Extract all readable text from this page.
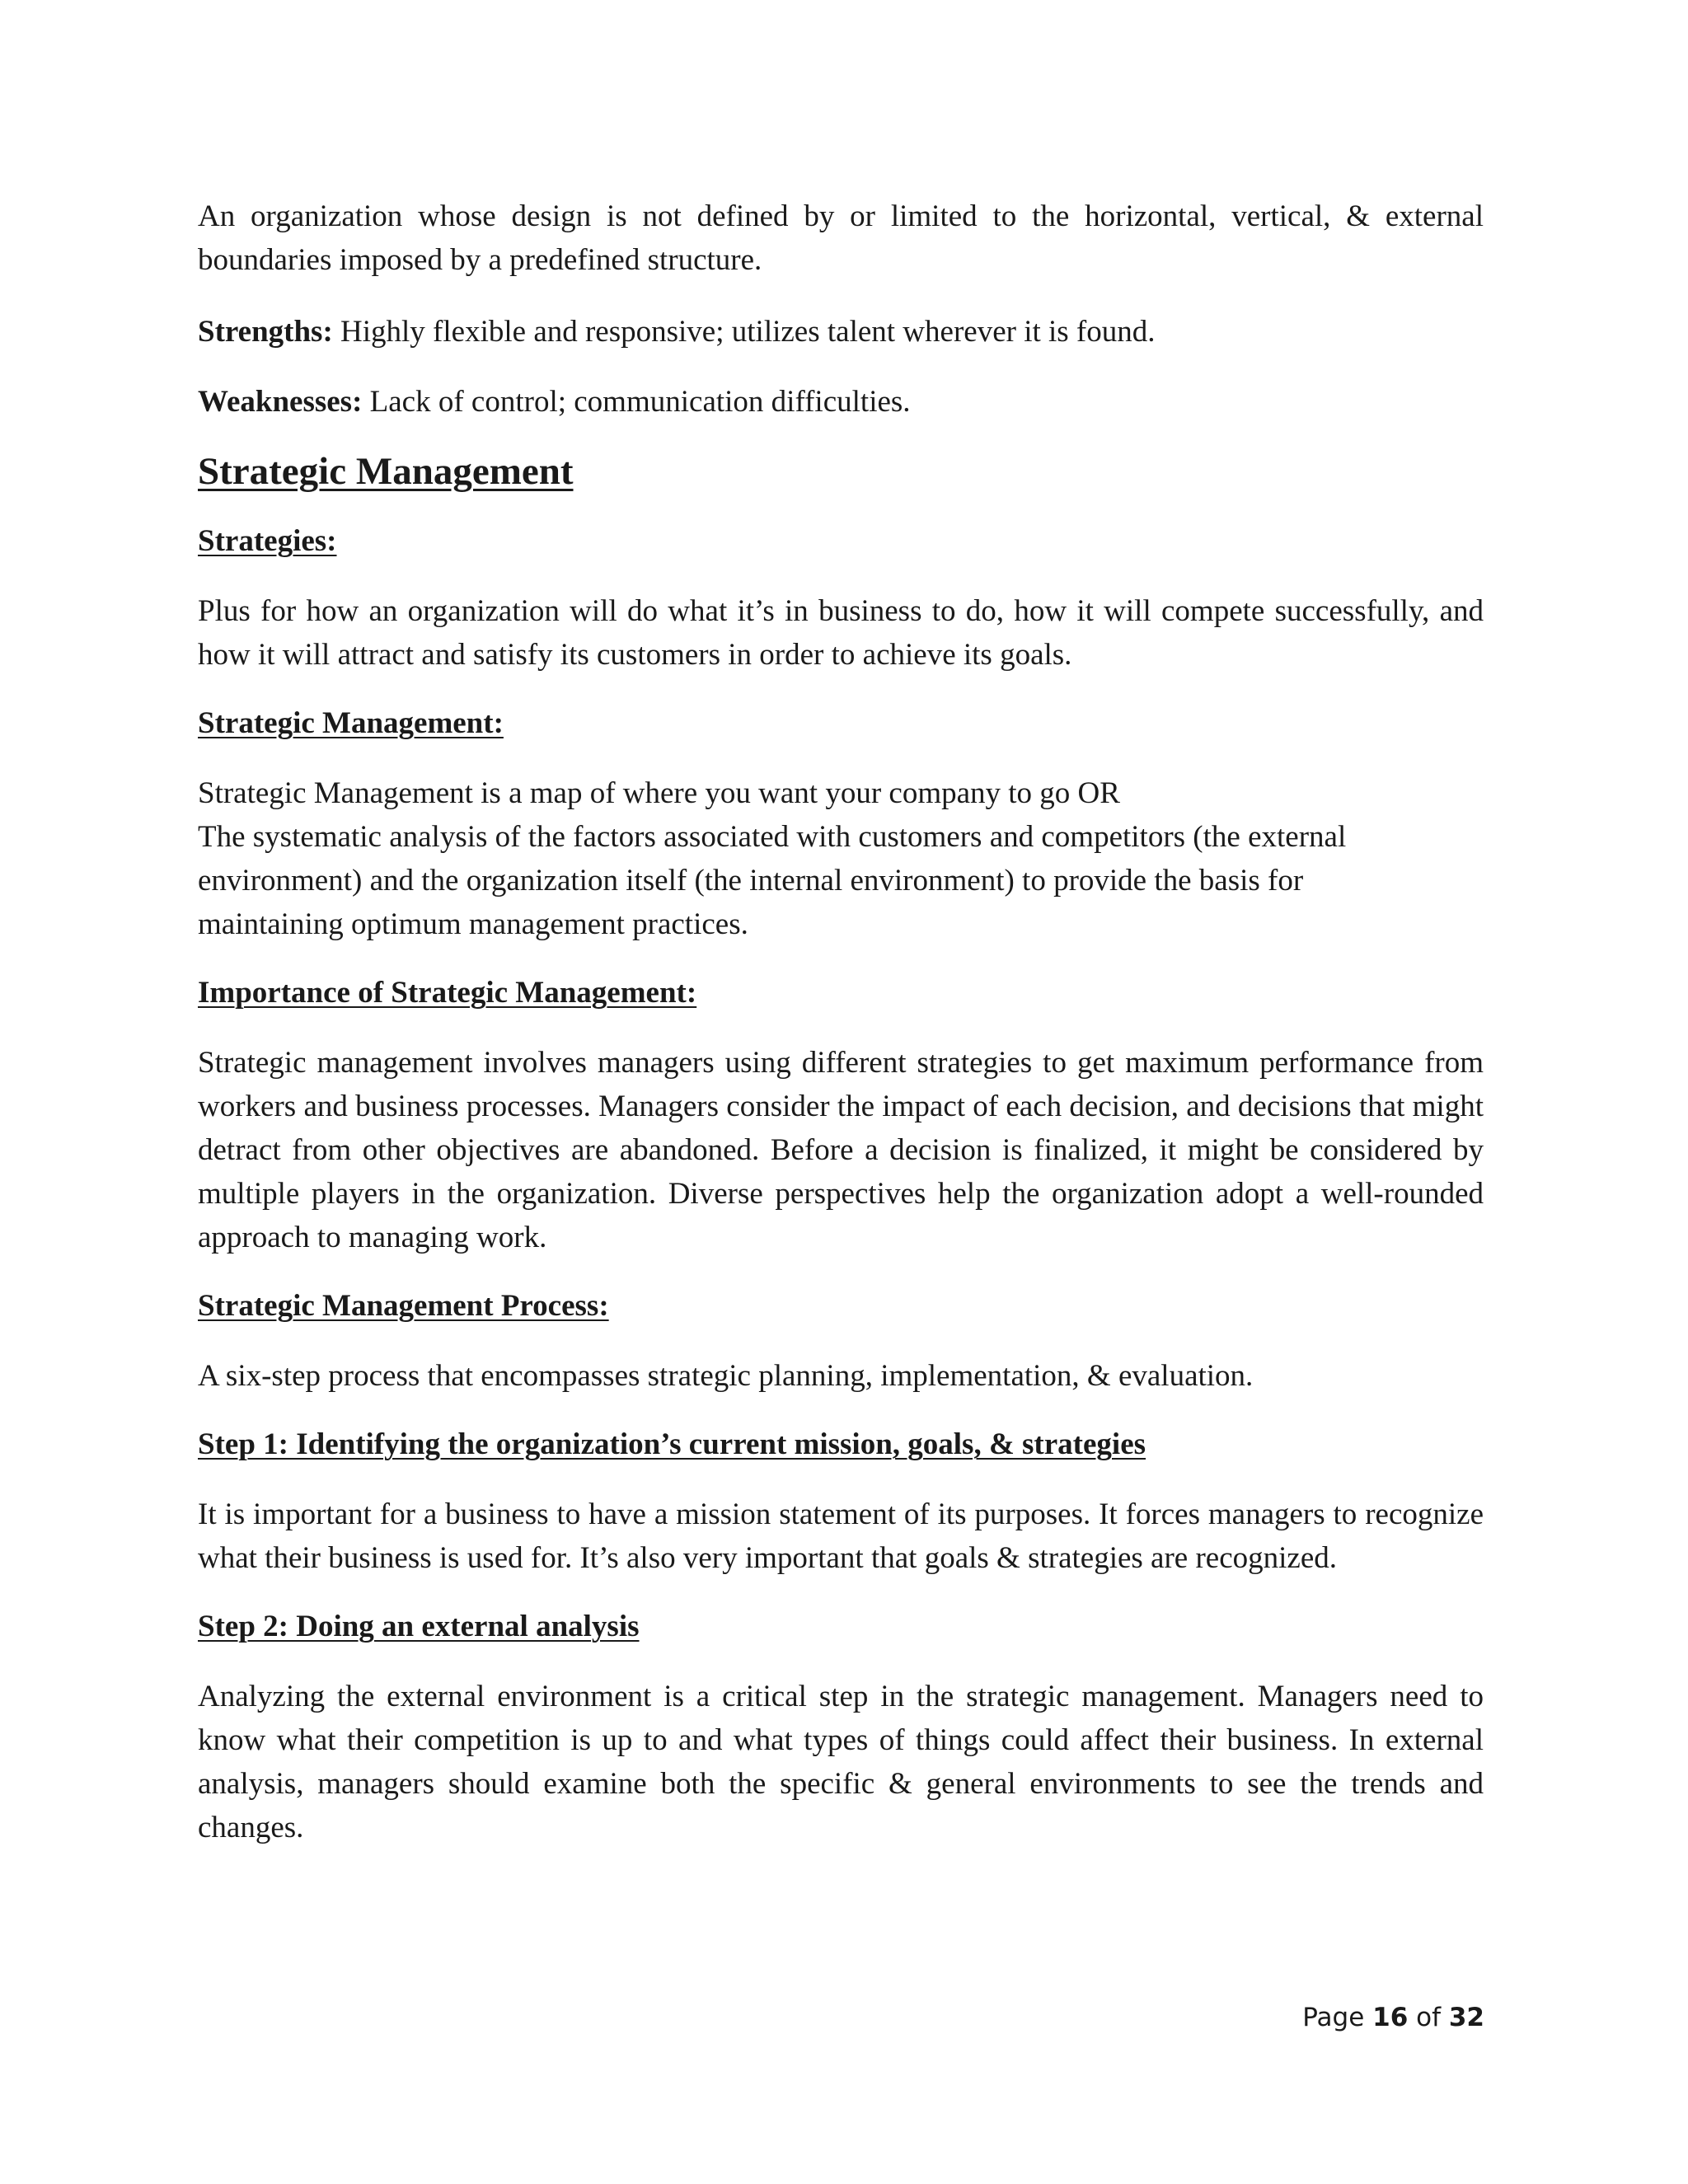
An organization whose design is not defined by or limited to the horizontal, vertical, & external boundaries imposed by a predefined structure.

Strengths: Highly flexible and responsive; utilizes talent wherever it is found.

Weaknesses: Lack of control; communication difficulties.

Strategic Management
Strategies:

Plus for how an organization will do what it’s in business to do, how it will compete successfully, and how it will attract and satisfy its customers in order to achieve its goals.

Strategic Management:

Strategic Management is a map of where you want your company to go OR

The systematic analysis of the factors associated with customers and competitors (the external environment) and the organization itself (the internal environment) to provide the basis for maintaining optimum management practices.

Importance of Strategic Management:

Strategic management involves managers using different strategies to get maximum performance from workers and business processes. Managers consider the impact of each decision, and decisions that might detract from other objectives are abandoned. Before a decision is finalized, it might be considered by multiple players in the organization. Diverse perspectives help the organization adopt a well-rounded approach to managing work.

Strategic Management Process:

A six-step process that encompasses strategic planning, implementation, & evaluation.

Step 1: Identifying the organization’s current mission, goals, & strategies

It is important for a business to have a mission statement of its purposes. It forces managers to recognize what their business is used for. It’s also very important that goals & strategies are recognized.

Step 2: Doing an external analysis

Analyzing the external environment is a critical step in the strategic management. Managers need to know what their competition is up to and what types of things could affect their business. In external analysis, managers should examine both the specific & general environments to see the trends and changes.

Page 16 of 32
